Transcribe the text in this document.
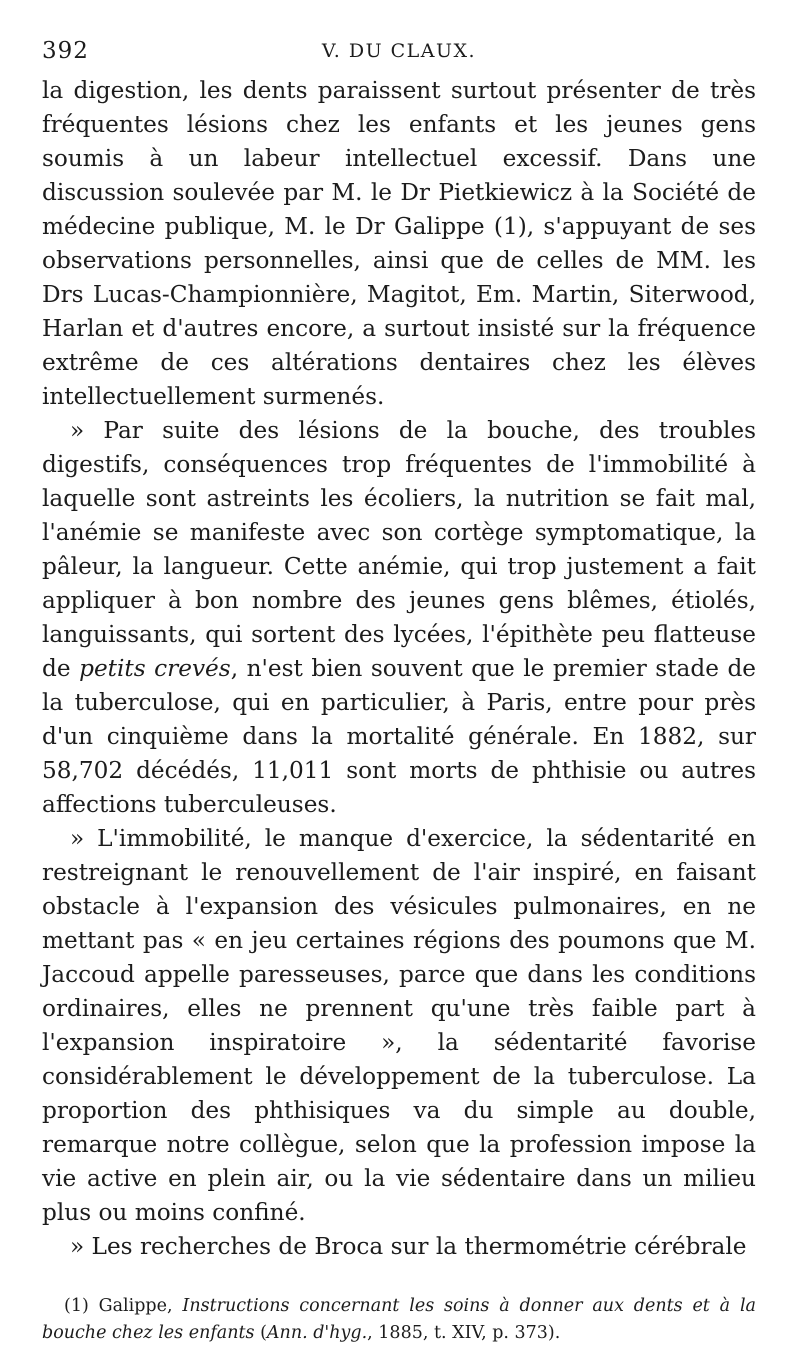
392	V. DU CLAUX.

la digestion, les dents paraissent surtout présenter de très fréquentes lésions chez les enfants et les jeunes gens soumis à un labeur intellectuel excessif. Dans une discussion soulevée par M. le Dr Pietkiewicz à la Société de médecine publique, M. le Dr Galippe (1), s'appuyant de ses observations personnelles, ainsi que de celles de MM. les Drs Lucas-Championnière, Magitot, Em. Martin, Siterwood, Harlan et d'autres encore, a surtout insisté sur la fréquence extrême de ces altérations dentaires chez les élèves intellectuellement surmenés.

» Par suite des lésions de la bouche, des troubles digestifs, conséquences trop fréquentes de l'immobilité à laquelle sont astreints les écoliers, la nutrition se fait mal, l'anémie se manifeste avec son cortège symptomatique, la pâleur, la langueur. Cette anémie, qui trop justement a fait appliquer à bon nombre des jeunes gens blêmes, étiolés, languissants, qui sortent des lycées, l'épithète peu flatteuse de petits crevés, n'est bien souvent que le premier stade de la tuberculose, qui en particulier, à Paris, entre pour près d'un cinquième dans la mortalité générale. En 1882, sur 58,702 décédés, 11,011 sont morts de phthisie ou autres affections tuberculeuses.

» L'immobilité, le manque d'exercice, la sédentarité en restreignant le renouvellement de l'air inspiré, en faisant obstacle à l'expansion des vésicules pulmonaires, en ne mettant pas « en jeu certaines régions des poumons que M. Jaccoud appelle paresseuses, parce que dans les conditions ordinaires, elles ne prennent qu'une très faible part à l'expansion inspiratoire », la sédentarité favorise considérablement le développement de la tuberculose. La proportion des phthisiques va du simple au double, remarque notre collègue, selon que la profession impose la vie active en plein air, ou la vie sédentaire dans un milieu plus ou moins confiné.

» Les recherches de Broca sur la thermométrie cérébrale

(1) Galippe, Instructions concernant les soins à donner aux dents et à la bouche chez les enfants (Ann. d'hyg., 1885, t. XIV, p. 373).
